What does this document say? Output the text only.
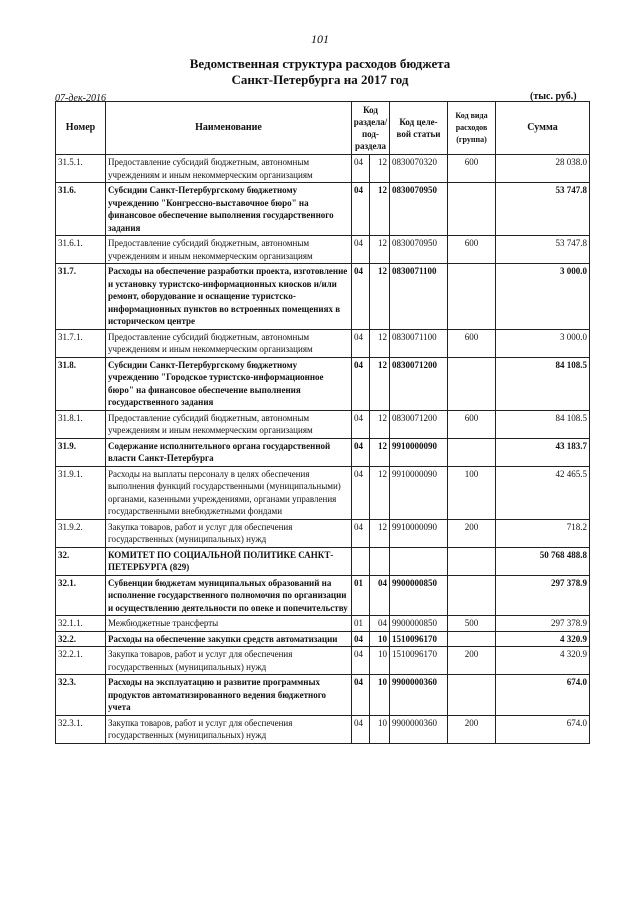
101
Ведомственная структура расходов бюджета
Санкт-Петербурга на 2017 год
07-дек-2016	(тыс. руб.)
Номер	Наименование	Код раздела/ под- раздела		Код целе- вой статьи	Код вида расходов (группа)	Сумма
31.5.1.	Предоставление субсидий бюджетным, автономным учреждениям и иным некоммерческим организациям	04	12	0830070320	600	28 038.0
31.6.	Субсидии Санкт-Петербургскому бюджетному учреждению "Конгрессно-выставочное бюро" на финансовое обеспечение выполнения государственного задания	04	12	0830070950		53 747.8
31.6.1.	Предоставление субсидий бюджетным, автономным учреждениям и иным некоммерческим организациям	04	12	0830070950	600	53 747.8
31.7.	Расходы на обеспечение разработки проекта, изготовление и установку туристско-информационных киосков и/или ремонт, оборудование и оснащение туристско-информационных пунктов во встроенных помещениях в историческом центре	04	12	0830071100		3 000.0
31.7.1.	Предоставление субсидий бюджетным, автономным учреждениям и иным некоммерческим организациям	04	12	0830071100	600	3 000.0
31.8.	Субсидии Санкт-Петербургскому бюджетному учреждению "Городское туристско-информационное бюро" на финансовое обеспечение выполнения государственного задания	04	12	0830071200		84 108.5
31.8.1.	Предоставление субсидий бюджетным, автономным учреждениям и иным некоммерческим организациям	04	12	0830071200	600	84 108.5
31.9.	Содержание исполнительного органа государственной власти Санкт-Петербурга	04	12	9910000090		43 183.7
31.9.1.	Расходы на выплаты персоналу в целях обеспечения выполнения функций государственными (муниципальными) органами, казенными учреждениями, органами управления государственными внебюджетными фондами	04	12	9910000090	100	42 465.5
31.9.2.	Закупка товаров, работ и услуг для обеспечения государственных (муниципальных) нужд	04	12	9910000090	200	718.2
32.	КОМИТЕТ ПО СОЦИАЛЬНОЙ ПОЛИТИКЕ САНКТ-ПЕТЕРБУРГА (829)					50 768 488.8
32.1.	Субвенции бюджетам муниципальных образований на исполнение государственного полномочия по организации и осуществлению деятельности по опеке и попечительству	01	04	9900000850		297 378.9
32.1.1.	Межбюджетные трансферты	01	04	9900000850	500	297 378.9
32.2.	Расходы на обеспечение закупки средств автоматизации	04	10	1510096170		4 320.9
32.2.1.	Закупка товаров, работ и услуг для обеспечения государственных (муниципальных) нужд	04	10	1510096170	200	4 320.9
32.3.	Расходы на эксплуатацию и развитие программных продуктов автоматизированного ведения бюджетного учета	04	10	9900000360		674.0
32.3.1.	Закупка товаров, работ и услуг для обеспечения государственных (муниципальных) нужд	04	10	9900000360	200	674.0
